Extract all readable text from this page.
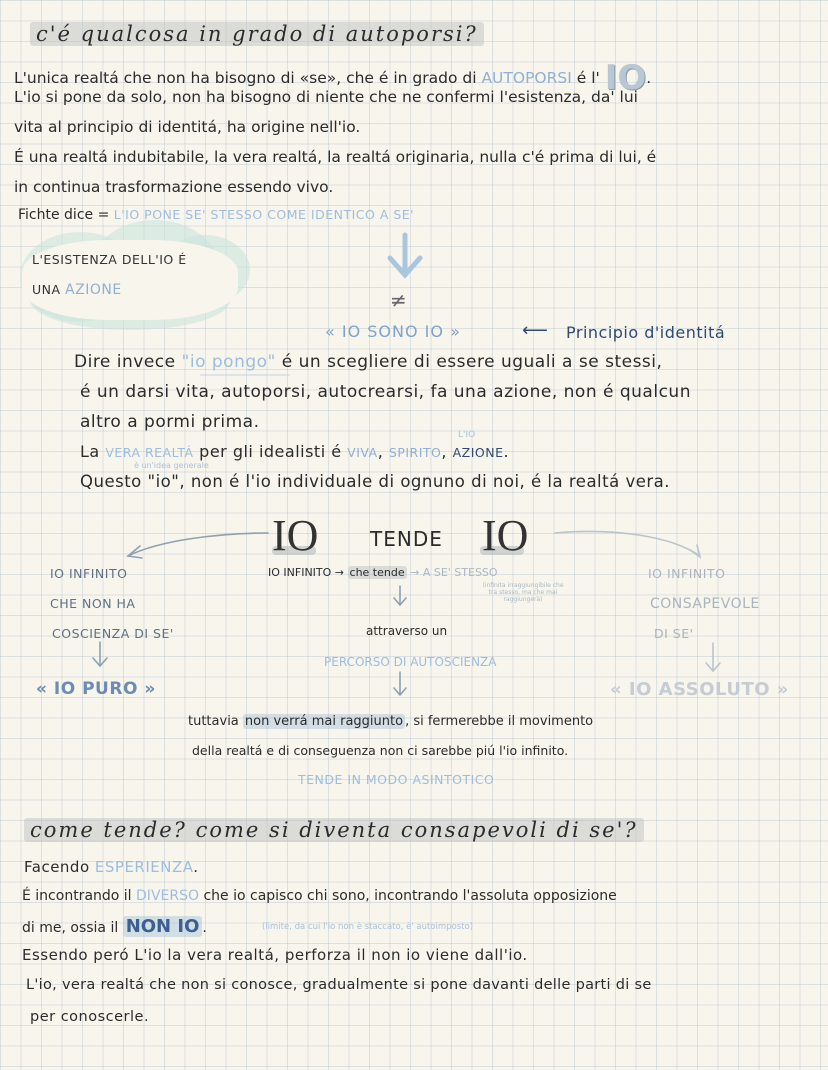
c'é qualcosa in grado di autoporsi?
L'unica realtá che non ha bisogno di «se», che é in grado di AUTOPORSI é l' IO.
L'io si pone da solo, non ha bisogno di niente che ne confermi l'esistenza, da' lui
vita al principio di identitá, ha origine nell'io.
É una realtá indubitabile, la vera realtá, la realtá originaria, nulla c'é prima di lui, é
in continua trasformazione essendo vivo.
Fichte dice = L'IO PONE SE' STESSO COME IDENTICO A SE'
L'ESISTENZA DELL'IO É
UNA AZIONE	≠
« IO SONO IO »	⟵ Principio d'identitá
Dire invece "io pongo" é un scegliere di essere uguali a se stessi,
é un darsi vita, autoporsi, autocrearsi, fa una azione, non é qualcun
altro a pormi prima.
L'IO
La VERA REALTÁ per gli idealisti é VIVA, SPIRITO, AZIONE.
è un'idea generale
Questo "io", non é l'io individuale di ognuno di noi, é la realtá vera.
IO	TENDE IO
IO INFINITO
CHE NON HA
COSCIENZA DI SE'
« IO PURO »
IO INFINITO → che tende → A SE' STESSO
(infinita irraggiungibile che tra stesso, ma che mai raggiungerà)
attraverso un
PERCORSO DI AUTOSCIENZA
IO INFINITO
CONSAPEVOLE
DI SE'
« IO ASSOLUTO »
tuttavia non verrá mai raggiunto , si fermerebbe il movimento
della realtá e di conseguenza non ci sarebbe piú l'io infinito.
TENDE IN MODO ASINTOTICO
come tende? come si diventa consapevoli di se'?
Facendo ESPERIENZA.
É incontrando il DIVERSO che io capisco chi sono, incontrando l'assoluta opposizione
di me, ossia il NON IO .	(limite, da cui l'io non è staccato, è' autoimposto)
Essendo peró L'io la vera realtá, perforza il non io viene dall'io.
L'io, vera realtá che non si conosce, gradualmente si pone davanti delle parti di se
per conoscerle.
